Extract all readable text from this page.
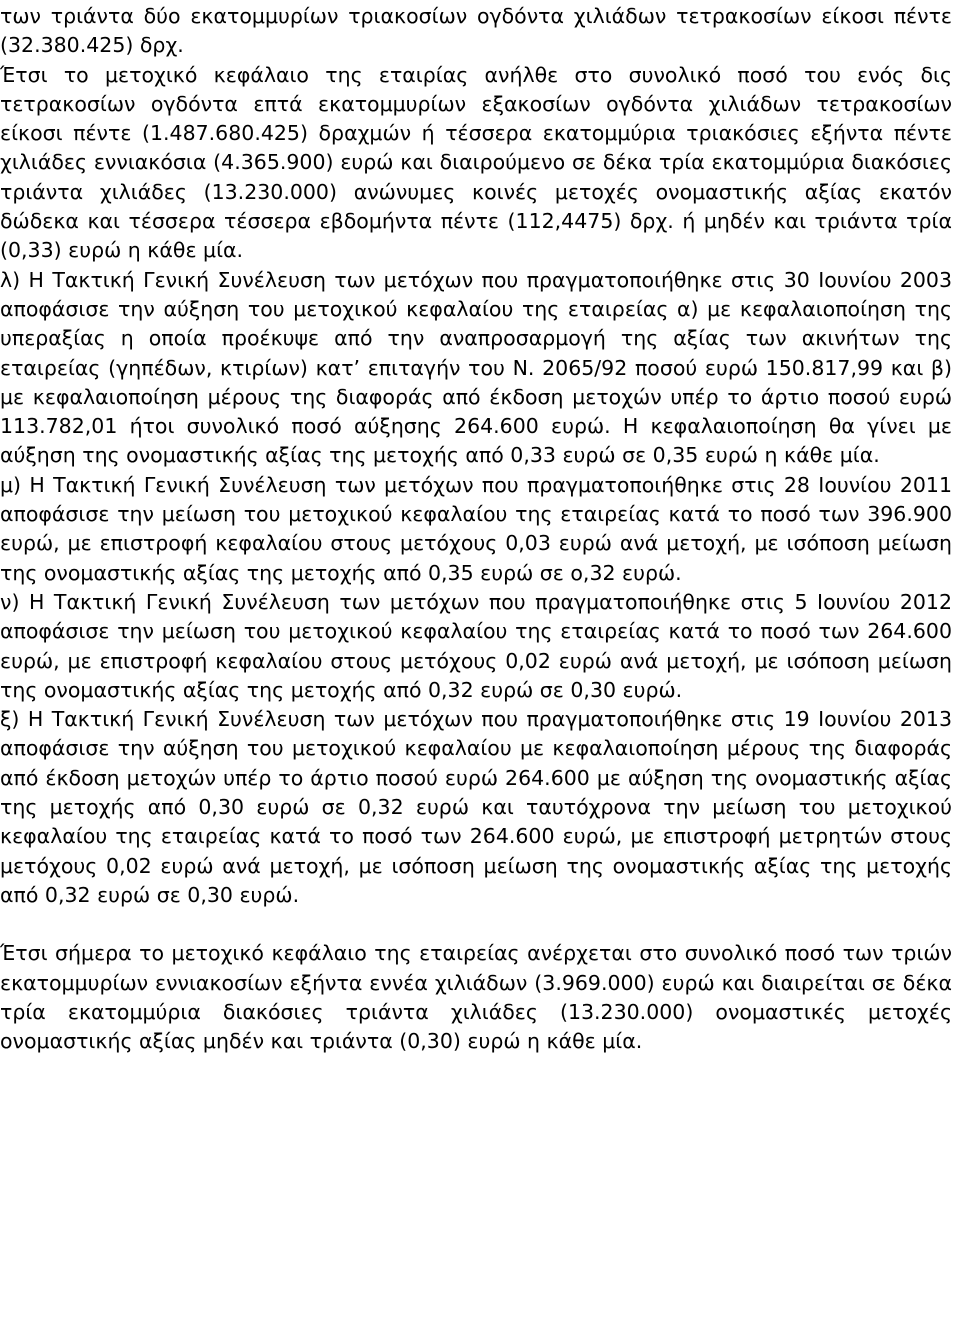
των τριάντα δύο εκατομμυρίων τριακοσίων ογδόντα χιλιάδων τετρακοσίων είκοσι πέντε (32.380.425) δρχ.

Έτσι το μετοχικό κεφάλαιο της εταιρίας ανήλθε στο συνολικό ποσό του ενός δις τετρακοσίων ογδόντα επτά εκατομμυρίων εξακοσίων ογδόντα χιλιάδων τετρακοσίων είκοσι πέντε (1.487.680.425) δραχμών ή τέσσερα εκατομμύρια τριακόσιες εξήντα πέντε χιλιάδες εννιακόσια (4.365.900) ευρώ και διαιρούμενο σε δέκα τρία εκατομμύρια διακόσιες τριάντα χιλιάδες (13.230.000) ανώνυμες κοινές μετοχές ονομαστικής αξίας εκατόν δώδεκα και τέσσερα τέσσερα εβδομήντα πέντε (112,4475) δρχ. ή μηδέν και τριάντα τρία (0,33) ευρώ η κάθε μία.

λ) Η Τακτική Γενική Συνέλευση των μετόχων που πραγματοποιήθηκε στις 30 Ιουνίου 2003 αποφάσισε την αύξηση του μετοχικού κεφαλαίου της εταιρείας α) με κεφαλαιοποίηση της υπεραξίας η οποία προέκυψε από την αναπροσαρμογή της αξίας των ακινήτων της εταιρείας (γηπέδων, κτιρίων) κατ’ επιταγήν του Ν. 2065/92 ποσού ευρώ 150.817,99 και β) με κεφαλαιοποίηση μέρους της διαφοράς από έκδοση μετοχών υπέρ το άρτιο ποσού ευρώ 113.782,01 ήτοι συνολικό ποσό αύξησης 264.600 ευρώ. Η κεφαλαιοποίηση θα γίνει με αύξηση της ονομαστικής αξίας της μετοχής από 0,33 ευρώ σε 0,35 ευρώ η κάθε μία.

μ) Η Τακτική Γενική Συνέλευση των μετόχων που πραγματοποιήθηκε στις 28 Ιουνίου 2011 αποφάσισε την μείωση του μετοχικού κεφαλαίου της εταιρείας κατά το ποσό των 396.900 ευρώ, με επιστροφή κεφαλαίου στους μετόχους 0,03 ευρώ ανά μετοχή, με ισόποση μείωση της ονομαστικής αξίας της μετοχής από 0,35 ευρώ σε ο,32 ευρώ.

ν) Η Τακτική Γενική Συνέλευση των μετόχων που πραγματοποιήθηκε στις 5 Ιουνίου 2012 αποφάσισε την μείωση του μετοχικού κεφαλαίου της εταιρείας κατά το ποσό των 264.600 ευρώ, με επιστροφή κεφαλαίου στους μετόχους 0,02 ευρώ ανά μετοχή, με ισόποση μείωση της ονομαστικής αξίας της μετοχής από 0,32 ευρώ σε 0,30 ευρώ.

ξ) Η Τακτική Γενική Συνέλευση των μετόχων που πραγματοποιήθηκε στις 19 Ιουνίου 2013 αποφάσισε την αύξηση του μετοχικού κεφαλαίου με κεφαλαιοποίηση μέρους της διαφοράς από έκδοση μετοχών υπέρ το άρτιο ποσού ευρώ 264.600 με αύξηση της ονομαστικής αξίας της μετοχής από 0,30 ευρώ σε 0,32 ευρώ και ταυτόχρονα την μείωση του μετοχικού κεφαλαίου της εταιρείας κατά το ποσό των 264.600 ευρώ, με επιστροφή μετρητών στους μετόχους 0,02 ευρώ ανά μετοχή, με ισόποση μείωση της ονομαστικής αξίας της μετοχής από 0,32 ευρώ σε 0,30 ευρώ.

Έτσι σήμερα το μετοχικό κεφάλαιο της εταιρείας ανέρχεται στο συνολικό ποσό των τριών εκατομμυρίων εννιακοσίων εξήντα εννέα χιλιάδων (3.969.000) ευρώ και διαιρείται σε δέκα τρία εκατομμύρια διακόσιες τριάντα χιλιάδες (13.230.000) ονομαστικές μετοχές ονομαστικής αξίας μηδέν και τριάντα (0,30) ευρώ η κάθε μία.
